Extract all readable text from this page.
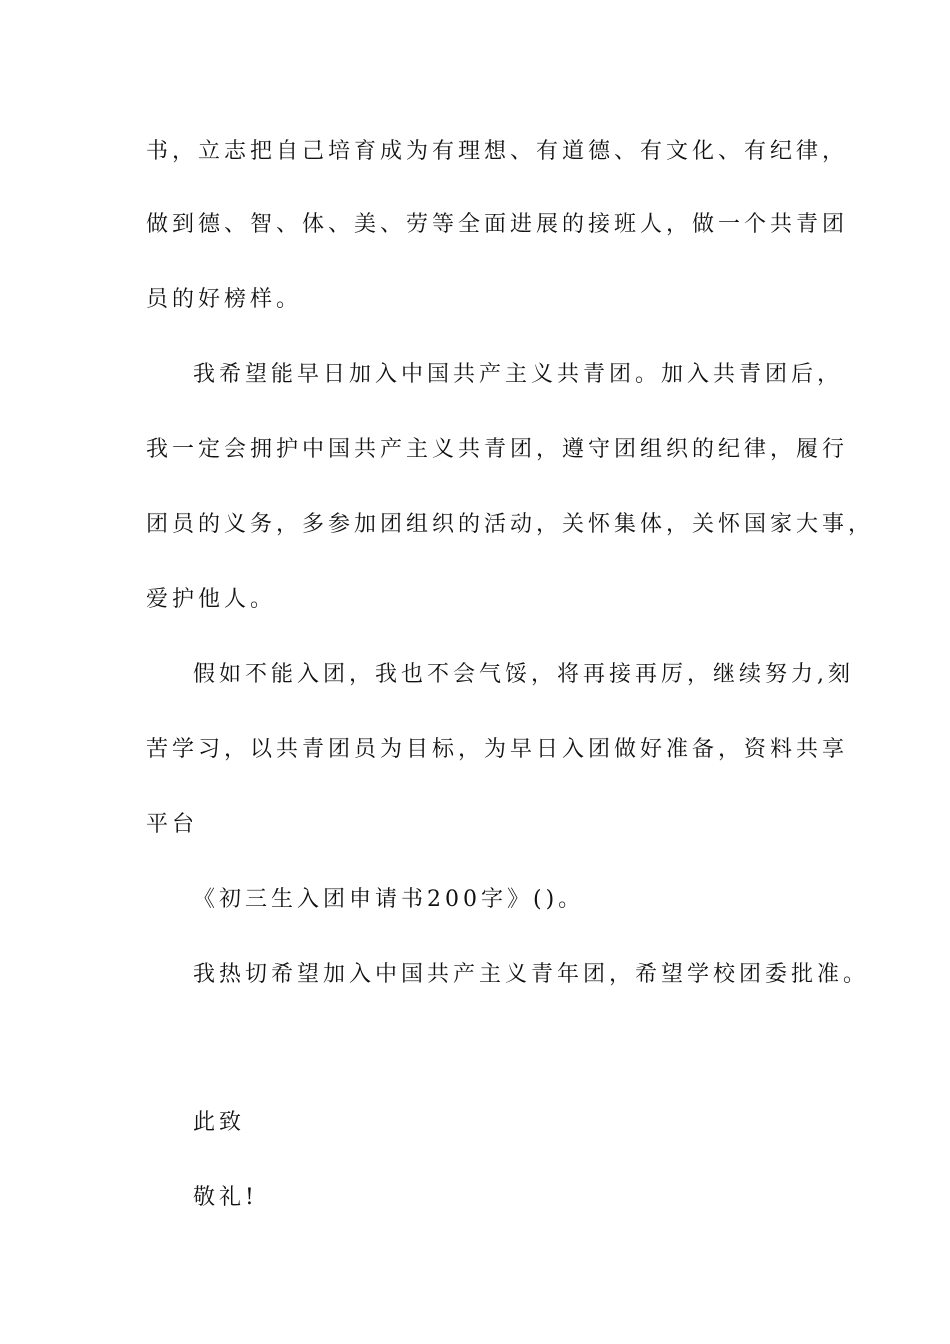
书，立志把自己培育成为有理想、有道德、有文化、有纪律，
做到德、智、体、美、劳等全面进展的接班人，做一个共青团
员的好榜样。
我希望能早日加入中国共产主义共青团。加入共青团后，
我一定会拥护中国共产主义共青团，遵守团组织的纪律，履行
团员的义务，多参加团组织的活动，关怀集体，关怀国家大事，
爱护他人。
假如不能入团，我也不会气馁，将再接再厉，继续努力,刻
苦学习，以共青团员为目标，为早日入团做好准备，资料共享
平台
《初三生入团申请书200字》()。
我热切希望加入中国共产主义青年团，希望学校团委批准。
此致
敬礼!
